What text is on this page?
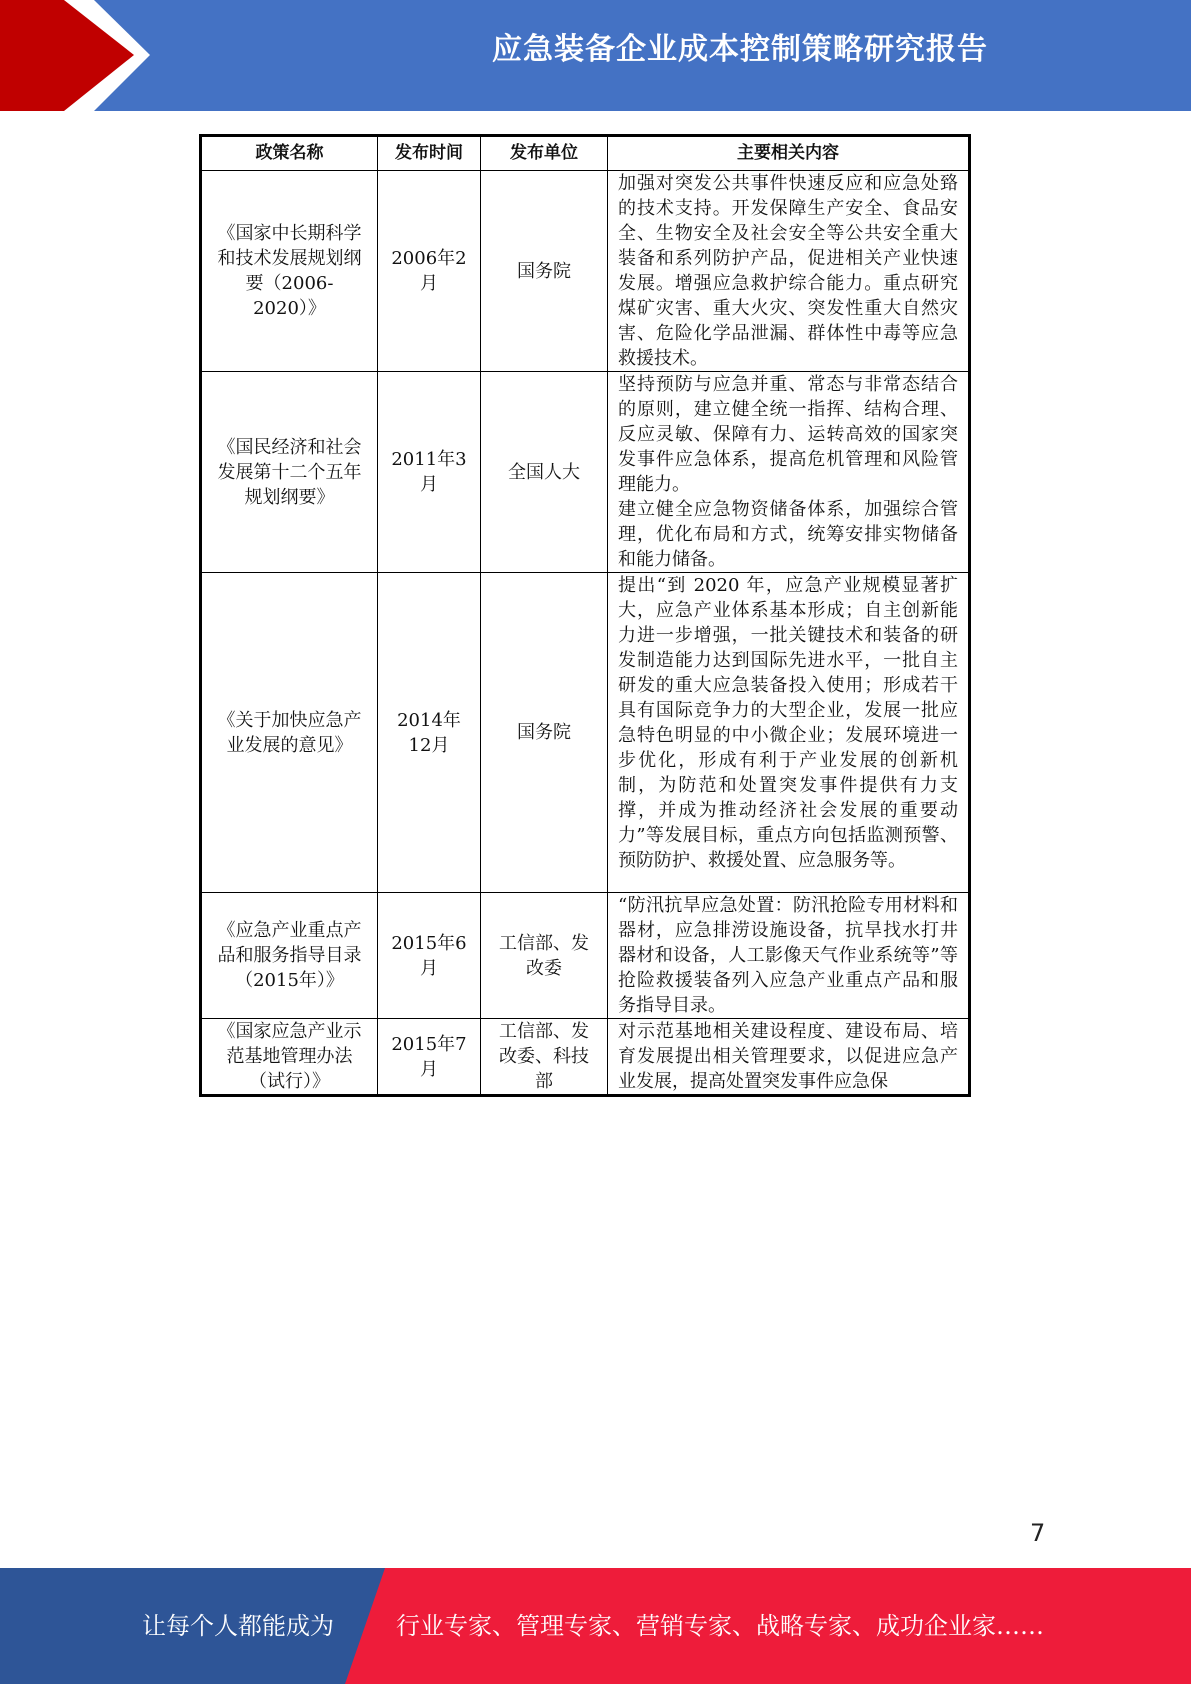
应急装备企业成本控制策略研究报告
政策名称	发布时间	发布单位	主要相关内容
《国家中长期科学和技术发展规划纲要（2006-2020）》	2006年2月	国务院	加强对突发公共事件快速反应和应急处臵的技术支持。开发保障生产安全、食品安全、生物安全及社会安全等公共安全重大装备和系列防护产品，促进相关产业快速发展。增强应急救护综合能力。重点研究煤矿灾害、重大火灾、突发性重大自然灾害、危险化学品泄漏、群体性中毒等应急救援技术。

《国民经济和社会发展第十二个五年规划纲要》	2011年3月	全国人大	坚持预防与应急并重、常态与非常态结合的原则，建立健全统一指挥、结构合理、反应灵敏、保障有力、运转高效的国家突发事件应急体系，提高危机管理和风险管理能力。

建立健全应急物资储备体系，加强综合管理，优化布局和方式，统筹安排实物储备和能力储备。

《关于加快应急产业发展的意见》	2014年12月	国务院	提出“到 2020 年，应急产业规模显著扩大，应急产业体系基本形成；自主创新能力进一步增强，一批关键技术和装备的研发制造能力达到国际先进水平，一批自主研发的重大应急装备投入使用；形成若干具有国际竞争力的大型企业，发展一批应急特色明显的中小微企业；发展环境进一步优化，形成有利于产业发展的创新机制，为防范和处置突发事件提供有力支撑，并成为推动经济社会发展的重要动力”等发展目标，重点方向包括监测预警、预防防护、救援处置、应急服务等。

《应急产业重点产品和服务指导目录（2015年）》	2015年6月	工信部、发改委	“防汛抗旱应急处置：防汛抢险专用材料和器材，应急排涝设施设备，抗旱找水打井器材和设备，人工影像天气作业系统等”等抢险救援装备列入应急产业重点产品和服务指导目录。

《国家应急产业示范基地管理办法（试行）》	2015年7月	工信部、发改委、科技部	对示范基地相关建设程度、建设布局、培育发展提出相关管理要求，以促进应急产业发展，提高处置突发事件应急保

7
让每个人都能成为	行业专家、管理专家、营销专家、战略专家、成功企业家……
